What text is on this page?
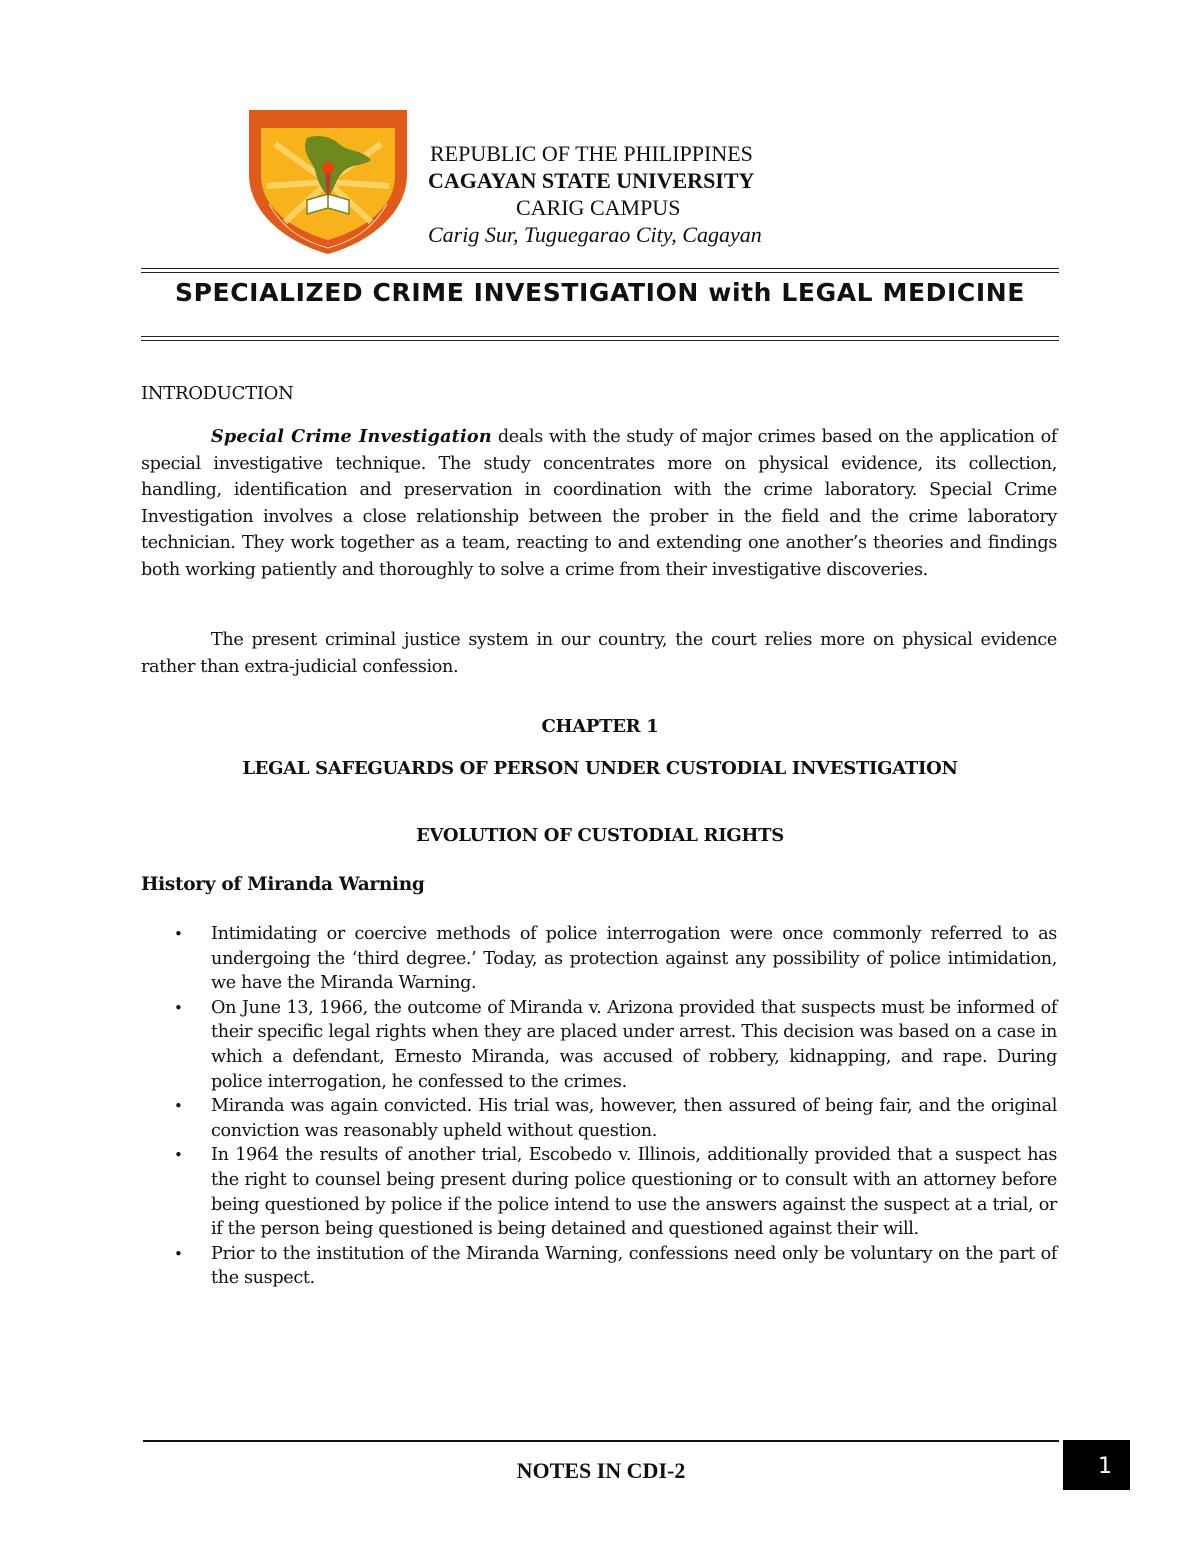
REPUBLIC OF THE PHILIPPINES
CAGAYAN STATE UNIVERSITY
CARIG CAMPUS
Carig Sur, Tuguegarao City, Cagayan
SPECIALIZED CRIME INVESTIGATION with LEGAL MEDICINE
INTRODUCTION

Special Crime Investigation deals with the study of major crimes based on the application of special investigative technique. The study concentrates more on physical evidence, its collection, handling, identification and preservation in coordination with the crime laboratory. Special Crime Investigation involves a close relationship between the prober in the field and the crime laboratory technician. They work together as a team, reacting to and extending one another’s theories and findings both working patiently and thoroughly to solve a crime from their investigative discoveries.

The present criminal justice system in our country, the court relies more on physical evidence rather than extra-judicial confession.

CHAPTER 1
LEGAL SAFEGUARDS OF PERSON UNDER CUSTODIAL INVESTIGATION
EVOLUTION OF CUSTODIAL RIGHTS
History of Miranda Warning
• Intimidating or coercive methods of police interrogation were once commonly referred to as undergoing the ‘third degree.’ Today, as protection against any possibility of police intimidation, we have the Miranda Warning.
• On June 13, 1966, the outcome of Miranda v. Arizona provided that suspects must be informed of their specific legal rights when they are placed under arrest. This decision was based on a case in which a defendant, Ernesto Miranda, was accused of robbery, kidnapping, and rape. During police interrogation, he confessed to the crimes.
• Miranda was again convicted. His trial was, however, then assured of being fair, and the original conviction was reasonably upheld without question.
• In 1964 the results of another trial, Escobedo v. Illinois, additionally provided that a suspect has the right to counsel being present during police questioning or to consult with an attorney before being questioned by police if the police intend to use the answers against the suspect at a trial, or if the person being questioned is being detained and questioned against their will.
• Prior to the institution of the Miranda Warning, confessions need only be voluntary on the part of the suspect.
NOTES IN CDI-2	1
